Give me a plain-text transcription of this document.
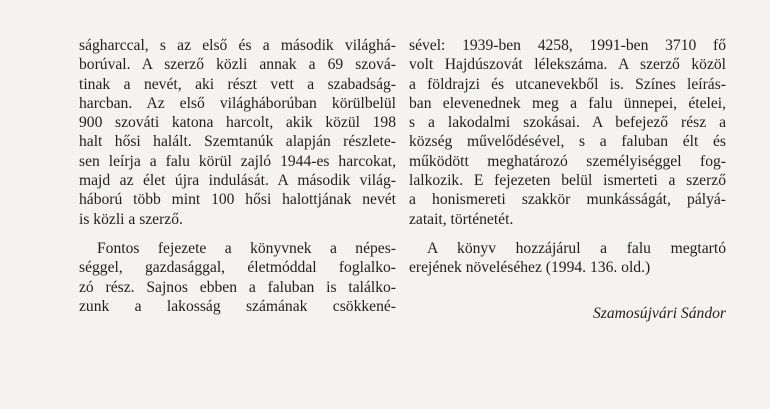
ságharccal, s az első és a második világhá-
borúval. A szerző közli annak a 69 szová-
tinak a nevét, aki részt vett a szabadság-
harcban. Az első világháborúban körülbelül
900 szováti katona harcolt, akik közül 198
halt hősi halált. Szemtanúk alapján részlete-
sen leírja a falu körül zajló 1944-es harcokat,
majd az élet újra indulását. A második világ-
háború több mint 100 hősi halottjának nevét
is közli a szerző.
Fontos fejezete a könyvnek a népes-
séggel, gazdasággal, életmóddal foglalko-
zó rész. Sajnos ebben a faluban is találko-
zunk a lakosság számának csökkené-
sével: 1939-ben 4258, 1991-ben 3710 fő
volt Hajdúszovát lélekszáma. A szerző közöl
a földrajzi és utcanevekből is. Színes leírás-
ban elevenednek meg a falu ünnepei, ételei,
s a lakodalmi szokásai. A befejező rész a
község művelődésével, s a faluban élt és
működött meghatározó személyiséggel fog-
lalkozik. E fejezeten belül ismerteti a szerző
a honismereti szakkör munkásságát, pályá-
zatait, történetét.
A könyv hozzájárul a falu megtartó
erejének növeléséhez (1994. 136. old.)
Szamosújvári Sándor
